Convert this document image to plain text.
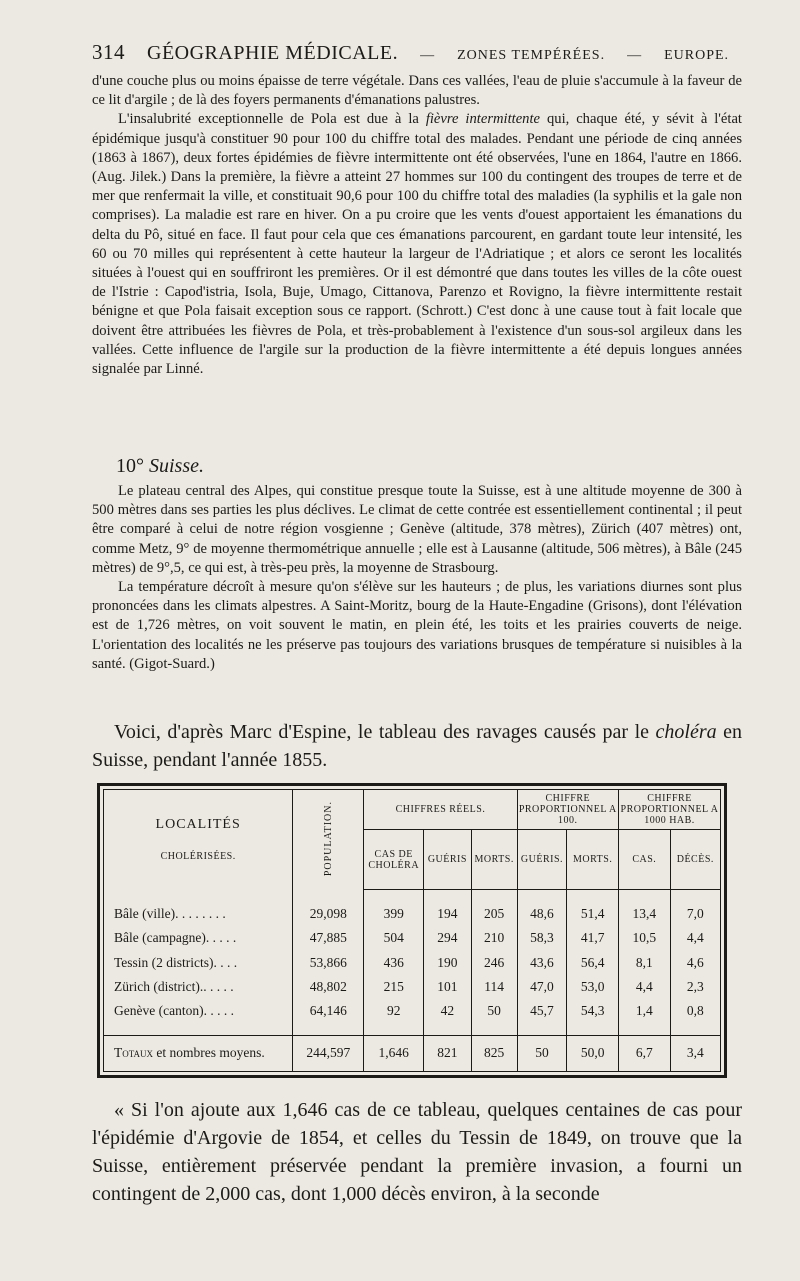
314 GÉOGRAPHIE MÉDICALE. — ZONES TEMPÉRÉES. — EUROPE.

d'une couche plus ou moins épaisse de terre végétale. Dans ces vallées, l'eau de pluie s'accumule à la faveur de ce lit d'argile ; de là des foyers permanents d'émanations palustres.

L'insalubrité exceptionnelle de Pola est due à la fièvre intermittente qui, chaque été, y sévit à l'état épidémique jusqu'à constituer 90 pour 100 du chiffre total des malades. Pendant une période de cinq années (1863 à 1867), deux fortes épidémies de fièvre intermittente ont été observées, l'une en 1864, l'autre en 1866. (Aug. Jilek.) Dans la première, la fièvre a atteint 27 hommes sur 100 du contingent des troupes de terre et de mer que renfermait la ville, et constituait 90,6 pour 100 du chiffre total des maladies (la syphilis et la gale non comprises). La maladie est rare en hiver. On a pu croire que les vents d'ouest apportaient les émanations du delta du Pô, situé en face. Il faut pour cela que ces émanations parcourent, en gardant toute leur intensité, les 60 ou 70 milles qui représentent à cette hauteur la largeur de l'Adriatique ; et alors ce seront les localités situées à l'ouest qui en souffriront les premières. Or il est démontré que dans toutes les villes de la côte ouest de l'Istrie : Capod'istria, Isola, Buje, Umago, Cittanova, Parenzo et Rovigno, la fièvre intermittente restait bénigne et que Pola faisait exception sous ce rapport. (Schrott.) C'est donc à une cause tout à fait locale que doivent être attribuées les fièvres de Pola, et très-probablement à l'existence d'un sous-sol argileux dans les vallées. Cette influence de l'argile sur la production de la fièvre intermittente a été depuis longues années signalée par Linné.

10° Suisse.

Le plateau central des Alpes, qui constitue presque toute la Suisse, est à une altitude moyenne de 300 à 500 mètres dans ses parties les plus déclives. Le climat de cette contrée est essentiellement continental ; il peut être comparé à celui de notre région vosgienne ; Genève (altitude, 378 mètres), Zürich (407 mètres) ont, comme Metz, 9° de moyenne thermométrique annuelle ; elle est à Lausanne (altitude, 506 mètres), à Bâle (245 mètres) de 9°,5, ce qui est, à très-peu près, la moyenne de Strasbourg.

La température décroît à mesure qu'on s'élève sur les hauteurs ; de plus, les variations diurnes sont plus prononcées dans les climats alpestres. A Saint-Moritz, bourg de la Haute-Engadine (Grisons), dont l'élévation est de 1,726 mètres, on voit souvent le matin, en plein été, les toits et les prairies couverts de neige. L'orientation des localités ne les préserve pas toujours des variations brusques de température si nuisibles à la santé. (Gigot-Suard.)

Voici, d'après Marc d'Espine, le tableau des ravages causés par le choléra en Suisse, pendant l'année 1855.
LOCALITÉS
CHOLÉRISÉES.	POPULATION.	CHIFFRES RÉELS.			CHIFFRE PROPORTIONNEL A 100.		CHIFFRE PROPORTIONNEL A 1000 HAB.	
		CAS DE CHOLÉRA	GUÉRIS	MORTS.	GUÉRIS.	MORTS.	CAS.	DÉCÈS.

Bâle (ville). . . . . . . .	29,098	399	194	205	48,6	51,4	13,4	7,0
Bâle (campagne). . . . .	47,885	504	294	210	58,3	41,7	10,5	4,4
Tessin (2 districts). . . .	53,866	436	190	246	43,6	56,4	8,1	4,6
Zürich (district).. . . . .	48,802	215	101	114	47,0	53,0	4,4	2,3
Genève (canton). . . . .	64,146	92	42	50	45,7	54,3	1,4	0,8

Totaux et nombres moyens.	244,597	1,646	821	825	50	50,0	6,7	3,4
« Si l'on ajoute aux 1,646 cas de ce tableau, quelques centaines de cas pour l'épidémie d'Argovie de 1854, et celles du Tessin de 1849, on trouve que la Suisse, entièrement préservée pendant la première invasion, a fourni un contingent de 2,000 cas, dont 1,000 décès environ, à la seconde
